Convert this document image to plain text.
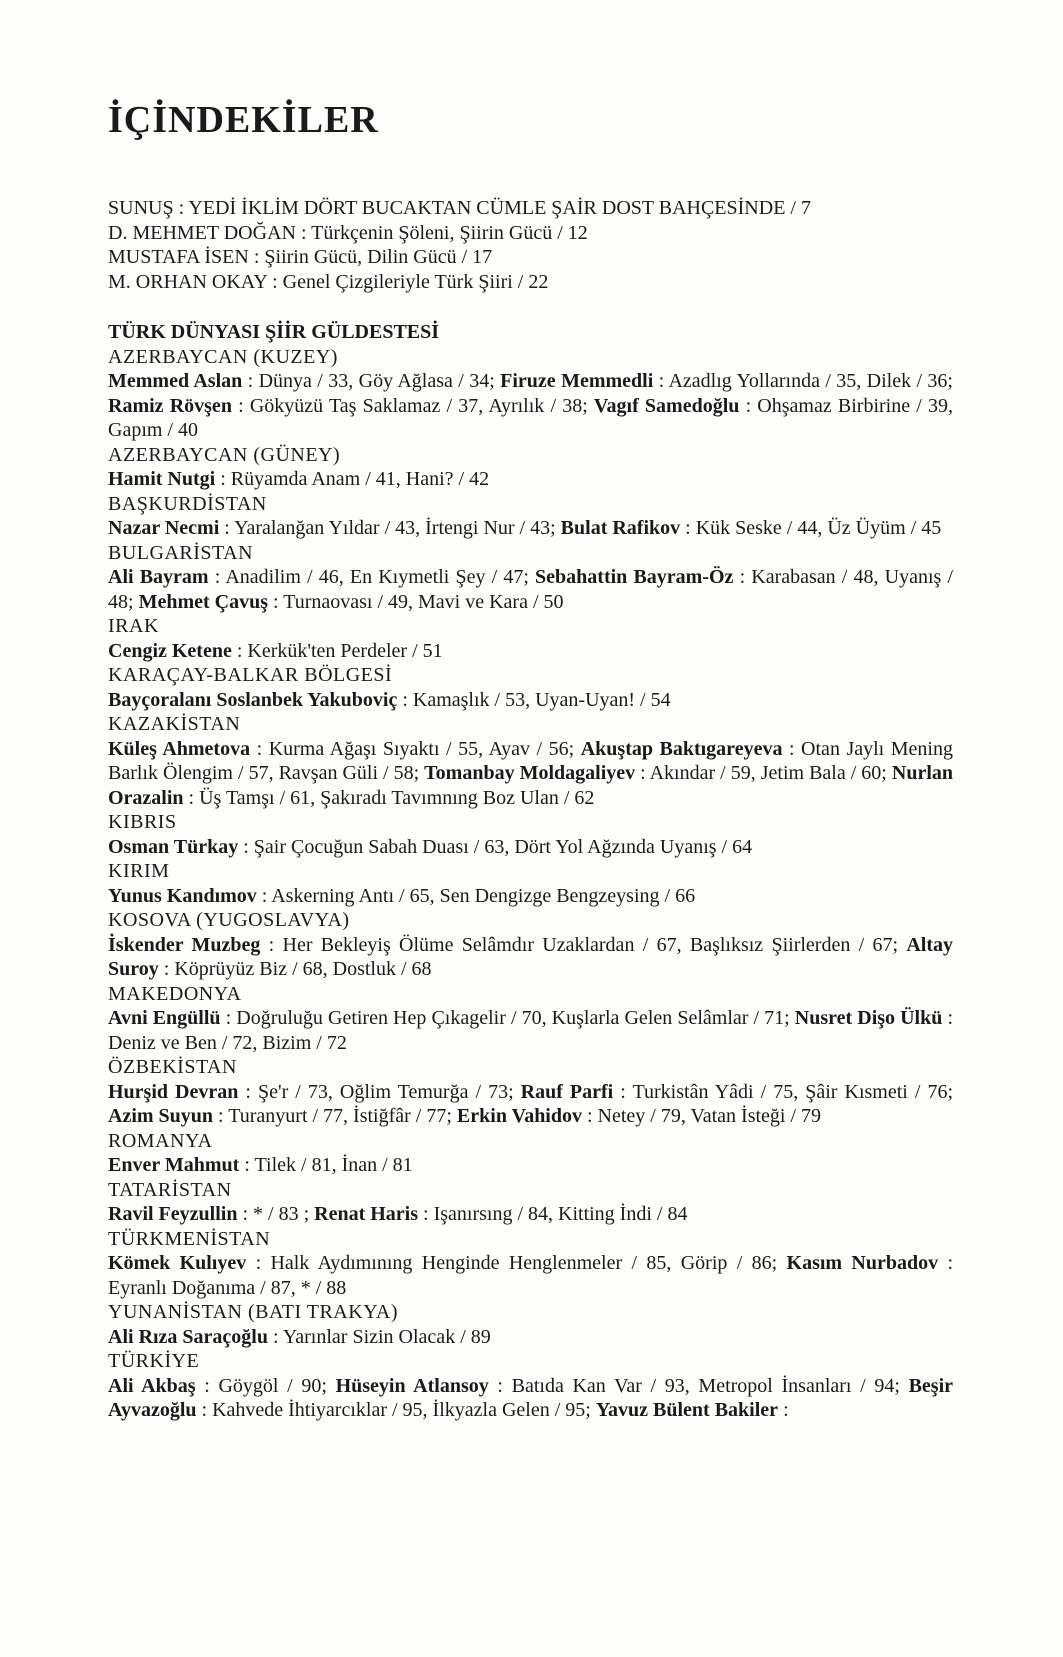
İÇİNDEKİLER
SUNUŞ : YEDİ İKLİM DÖRT BUCAKTAN CÜMLE ŞAİR DOST BAHÇESİNDE / 7
D. MEHMET DOĞAN : Türkçenin Şöleni, Şiirin Gücü / 12
MUSTAFA İSEN : Şiirin Gücü, Dilin Gücü / 17
M. ORHAN OKAY : Genel Çizgileriyle Türk Şiiri / 22
TÜRK DÜNYASI ŞİİR GÜLDESTESİ
AZERBAYCAN (KUZEY)
Memmed Aslan : Dünya / 33, Göy Ağlasa / 34; Firuze Memmedli : Azadlıg Yollarında / 35, Dilek / 36; Ramiz Rövşen : Gökyüzü Taş Saklamaz / 37, Ayrılık / 38; Vagıf Samedoğlu : Ohşamaz Birbirine / 39, Gapım / 40
AZERBAYCAN (GÜNEY)
Hamit Nutgi : Rüyamda Anam / 41, Hani? / 42
BAŞKURDİSTAN
Nazar Necmi : Yaralanğan Yıldar / 43, İrtengi Nur / 43; Bulat Rafikov : Kük Seske / 44, Üz Üyüm / 45
BULGARİSTAN
Ali Bayram : Anadilim / 46, En Kıymetli Şey / 47; Sebahattin Bayram-Öz : Karabasan / 48, Uyanış / 48; Mehmet Çavuş : Turnaovası / 49, Mavi ve Kara / 50
IRAK
Cengiz Ketene : Kerkük'ten Perdeler / 51
KARAÇAY-BALKAR BÖLGESİ
Bayçoralanı Soslanbek Yakuboviç : Kamaşlık / 53, Uyan-Uyan! / 54
KAZAKİSTAN
Küleş Ahmetova : Kurma Ağaşı Sıyaktı / 55, Ayav / 56; Akuştap Baktıgareyeva : Otan Jaylı Mening Barlık Ölengim / 57, Ravşan Güli / 58; Tomanbay Moldagaliyev : Akındar / 59, Jetim Bala / 60; Nurlan Orazalin : Üş Tamşı / 61, Şakıradı Tavımnıng Boz Ulan / 62
KIBRIS
Osman Türkay : Şair Çocuğun Sabah Duası / 63, Dört Yol Ağzında Uyanış / 64
KIRIM
Yunus Kandımov : Askerning Antı / 65, Sen Dengizge Bengzeysing / 66
KOSOVA (YUGOSLAVYA)
İskender Muzbeg : Her Bekleyiş Ölüme Selâmdır Uzaklardan / 67, Başlıksız Şiirlerden / 67; Altay Suroy : Köprüyüz Biz / 68, Dostluk / 68
MAKEDONYA
Avni Engüllü : Doğruluğu Getiren Hep Çıkagelir / 70, Kuşlarla Gelen Selâmlar / 71; Nusret Dişo Ülkü : Deniz ve Ben / 72, Bizim / 72
ÖZBEKİSTAN
Hurşid Devran : Şe'r / 73, Oğlim Temurğa / 73; Rauf Parfi : Turkistân Yâdi / 75, Şâir Kısmeti / 76; Azim Suyun : Turanyurt / 77, İstiğfâr / 77; Erkin Vahidov : Netey / 79, Vatan İsteği / 79
ROMANYA
Enver Mahmut : Tilek / 81, İnan / 81
TATARİSTAN
Ravil Feyzullin : * / 83 ; Renat Haris : Işanırsıng / 84, Kitting İndi / 84
TÜRKMENİSTAN
Kömek Kulıyev : Halk Aydımınıng Henginde Henglenmeler / 85, Görip / 86; Kasım Nurbadov : Eyranlı Doğanıma / 87, * / 88
YUNANİSTAN (BATI TRAKYA)
Ali Rıza Saraçoğlu : Yarınlar Sizin Olacak / 89
TÜRKİYE
Ali Akbaş : Göygöl / 90; Hüseyin Atlansoy : Batıda Kan Var / 93, Metropol İnsanları / 94; Beşir Ayvazoğlu : Kahvede İhtiyarcıklar / 95, İlkyazla Gelen / 95; Yavuz Bülent Bakiler :
